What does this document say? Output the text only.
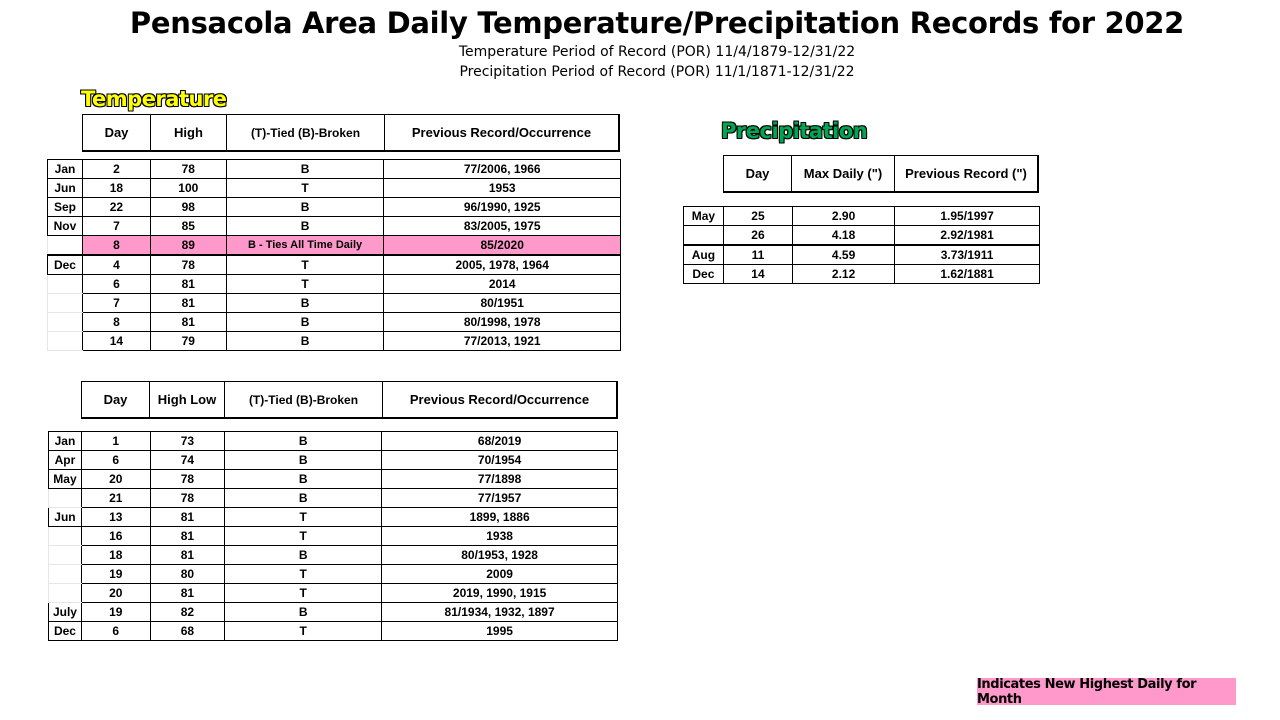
Pensacola Area Daily Temperature/Precipitation Records for 2022
Temperature Period of Record (POR) 11/4/1879-12/31/22
Precipitation Period of Record (POR) 11/1/1871-12/31/22
Temperature
Day	High	(T)-Tied (B)-Broken	Previous Record/Occurrence
Jan	2	78	B	77/2006, 1966
Jun	18	100	T	1953
Sep	22	98	B	96/1990, 1925
Nov	7	85	B	83/2005, 1975
	8	89	B - Ties All Time Daily	85/2020
Dec	4	78	T	2005, 1978, 1964
	6	81	T	2014
	7	81	B	80/1951
	8	81	B	80/1998, 1978
	14	79	B	77/2013, 1921
Day	High Low	(T)-Tied (B)-Broken	Previous Record/Occurrence
Jan	1	73	B	68/2019
Apr	6	74	B	70/1954
May	20	78	B	77/1898
	21	78	B	77/1957
Jun	13	81	T	1899, 1886
	16	81	T	1938
	18	81	B	80/1953, 1928
	19	80	T	2009
	20	81	T	2019, 1990, 1915
July	19	82	B	81/1934, 1932, 1897
Dec	6	68	T	1995
Precipitation
Day	Max Daily (")	Previous Record (")
May	25	2.90	1.95/1997
	26	4.18	2.92/1981
Aug	11	4.59	3.73/1911
Dec	14	2.12	1.62/1881
Indicates New Highest Daily for Month
